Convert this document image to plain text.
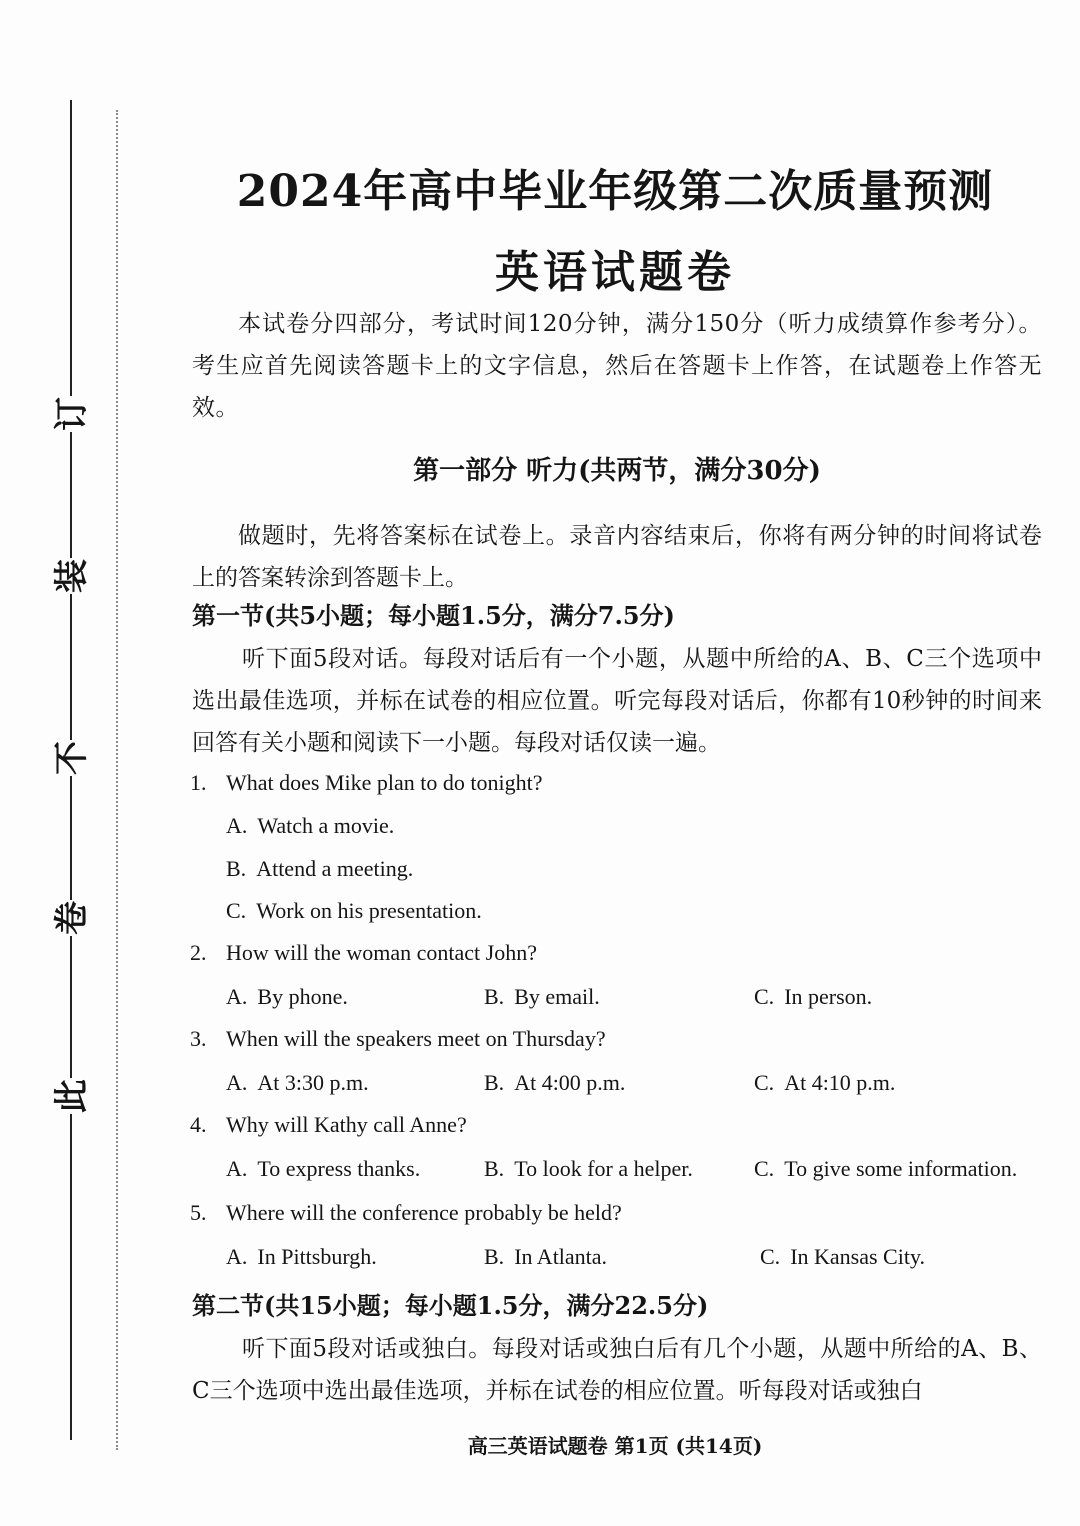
订
装
不
卷
此
2024年高中毕业年级第二次质量预测
英语试题卷
本试卷分四部分，考试时间120分钟，满分150分（听力成绩算作参考分）。考生应首先阅读答题卡上的文字信息，然后在答题卡上作答，在试题卷上作答无效。
第一部分 听力(共两节，满分30分)
做题时，先将答案标在试卷上。录音内容结束后，你将有两分钟的时间将试卷上的答案转涂到答题卡上。
第一节(共5小题；每小题1.5分，满分7.5分)
听下面5段对话。每段对话后有一个小题，从题中所给的A、B、C三个选项中选出最佳选项，并标在试卷的相应位置。听完每段对话后，你都有10秒钟的时间来回答有关小题和阅读下一小题。每段对话仅读一遍。
1. What does Mike plan to do tonight?
A. Watch a movie.
B. Attend a meeting.
C. Work on his presentation.
2. How will the woman contact John?
A. By phone.	B. By email.	C. In person.
3. When will the speakers meet on Thursday?
A. At 3:30 p.m.	B. At 4:00 p.m.	C. At 4:10 p.m.
4. Why will Kathy call Anne?
A. To express thanks.	B. To look for a helper.	C. To give some information.
5. Where will the conference probably be held?
A. In Pittsburgh.	B. In Atlanta.	C. In Kansas City.
第二节(共15小题；每小题1.5分，满分22.5分)
听下面5段对话或独白。每段对话或独白后有几个小题，从题中所给的A、B、C三个选项中选出最佳选项，并标在试卷的相应位置。听每段对话或独白
高三英语试题卷 第1页 (共14页)
